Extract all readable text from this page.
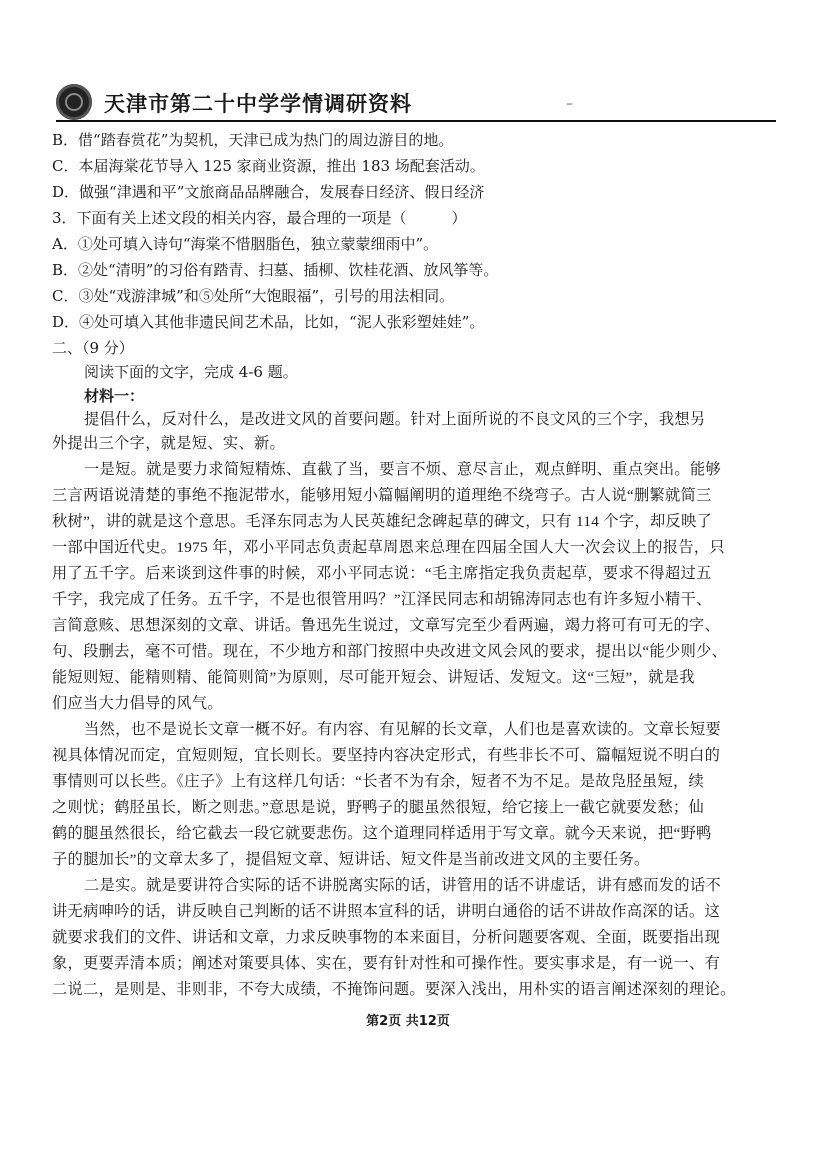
天津市第二十中学学情调研资料	–
B．借“踏春赏花”为契机，天津已成为热门的周边游目的地。
C．本届海棠花节导入 125 家商业资源，推出 183 场配套活动。
D．做强“津遇和平”文旅商品品牌融合，发展春日经济、假日经济
3．下面有关上述文段的相关内容，最合理的一项是（　　　）
A．①处可填入诗句“海棠不惜胭脂色，独立蒙蒙细雨中”。
B．②处“清明”的习俗有踏青、扫墓、插柳、饮桂花酒、放风筝等。
C．③处“戏游津城”和⑤处所“大饱眼福”，引号的用法相同。
D．④处可填入其他非遗民间艺术品，比如，“泥人张彩塑娃娃”。
二、（9 分）
阅读下面的文字，完成 4-6 题。
材料一：
提倡什么，反对什么，是改进文风的首要问题。针对上面所说的不良文风的三个字，我想另
外提出三个字，就是短、实、新。
一是短。就是要力求简短精炼、直截了当，要言不烦、意尽言止，观点鲜明、重点突出。能够
三言两语说清楚的事绝不拖泥带水，能够用短小篇幅阐明的道理绝不绕弯子。古人说“删繁就简三
秋树”，讲的就是这个意思。毛泽东同志为人民英雄纪念碑起草的碑文，只有 114 个字，却反映了
一部中国近代史。1975 年，邓小平同志负责起草周恩来总理在四届全国人大一次会议上的报告，只
用了五千字。后来谈到这件事的时候，邓小平同志说：“毛主席指定我负责起草，要求不得超过五
千字，我完成了任务。五千字，不是也很管用吗？”江泽民同志和胡锦涛同志也有许多短小精干、
言简意赅、思想深刻的文章、讲话。鲁迅先生说过，文章写完至少看两遍，竭力将可有可无的字、
句、段删去，毫不可惜。现在，不少地方和部门按照中央改进文风会风的要求，提出以“能少则少、
能短则短、能精则精、能简则简”为原则，尽可能开短会、讲短话、发短文。这“三短”，就是我
们应当大力倡导的风气。
当然，也不是说长文章一概不好。有内容、有见解的长文章，人们也是喜欢读的。文章长短要
视具体情况而定，宜短则短，宜长则长。要坚持内容决定形式，有些非长不可、篇幅短说不明白的
事情则可以长些。《庄子》上有这样几句话：“长者不为有余，短者不为不足。是故凫胫虽短，续
之则忧；鹤胫虽长，断之则悲。”意思是说，野鸭子的腿虽然很短，给它接上一截它就要发愁；仙
鹤的腿虽然很长，给它截去一段它就要悲伤。这个道理同样适用于写文章。就今天来说，把“野鸭
子的腿加长”的文章太多了，提倡短文章、短讲话、短文件是当前改进文风的主要任务。
二是实。就是要讲符合实际的话不讲脱离实际的话，讲管用的话不讲虚话，讲有感而发的话不
讲无病呻吟的话，讲反映自己判断的话不讲照本宣科的话，讲明白通俗的话不讲故作高深的话。这
就要求我们的文件、讲话和文章，力求反映事物的本来面目，分析问题要客观、全面，既要指出现
象，更要弄清本质；阐述对策要具体、实在，要有针对性和可操作性。要实事求是，有一说一、有
二说二，是则是、非则非，不夸大成绩，不掩饰问题。要深入浅出，用朴实的语言阐述深刻的理论。
第2页 共12页
